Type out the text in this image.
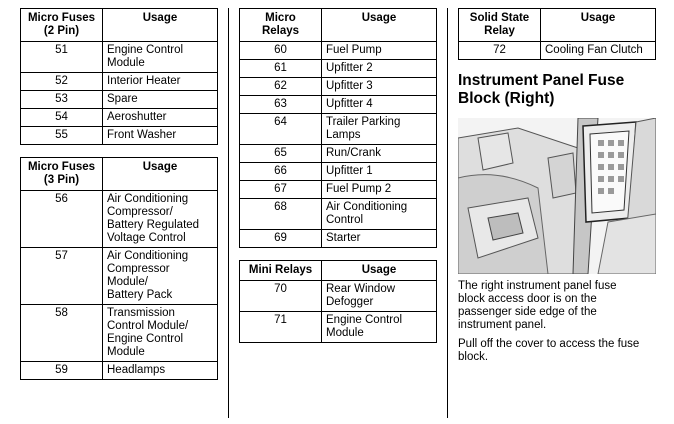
Micro Fuses
(2 Pin)	Usage
51	Engine Control
Module
52	Interior Heater
53	Spare
54	Aeroshutter
55	Front Washer
Micro Fuses
(3 Pin)	Usage
56	Air Conditioning
Compressor/
Battery Regulated
Voltage Control
57	Air Conditioning
Compressor
Module/
Battery Pack
58	Transmission
Control Module/
Engine Control
Module
59	Headlamps
Micro
Relays	Usage
60	Fuel Pump
61	Upfitter 2
62	Upfitter 3
63	Upfitter 4
64	Trailer Parking
Lamps
65	Run/Crank
66	Upfitter 1
67	Fuel Pump 2
68	Air Conditioning
Control
69	Starter
Mini Relays	Usage
70	Rear Window
Defogger
71	Engine Control
Module
Solid State
Relay	Usage
72	Cooling Fan Clutch
Instrument Panel Fuse
Block (Right)

The right instrument panel fuse
block access door is on the
passenger side edge of the
instrument panel.

Pull off the cover to access the fuse
block.
